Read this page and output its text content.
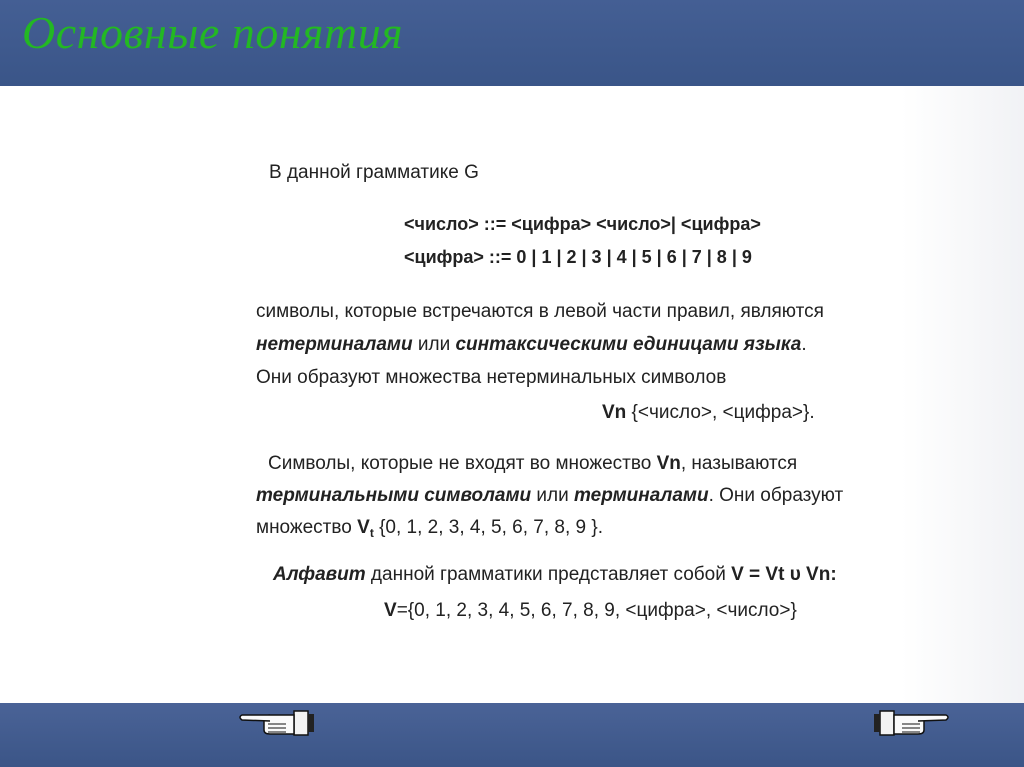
Основные понятия
В данной грамматике G
<число> ::= <цифра> <число>| <цифра>
<цифра> ::= 0 | 1 | 2 | 3 | 4 | 5 | 6 | 7 | 8 | 9
символы, которые встречаются в левой части правил, являются
нетерминалами или синтаксическими единицами языка.
Они образуют множества нетерминальных символов
Vn {<число>, <цифра>}.
Символы, которые не входят во множество Vn, называются
терминальными символами или терминалами. Они образуют
множество $V_t$ {0, 1, 2, 3, 4, 5, 6, 7, 8, 9 }.
Алфавит данной грамматики представляет собой V = Vt ᴜ Vn:
V={0, 1, 2, 3, 4, 5, 6, 7, 8, 9, <цифра>, <число>}
